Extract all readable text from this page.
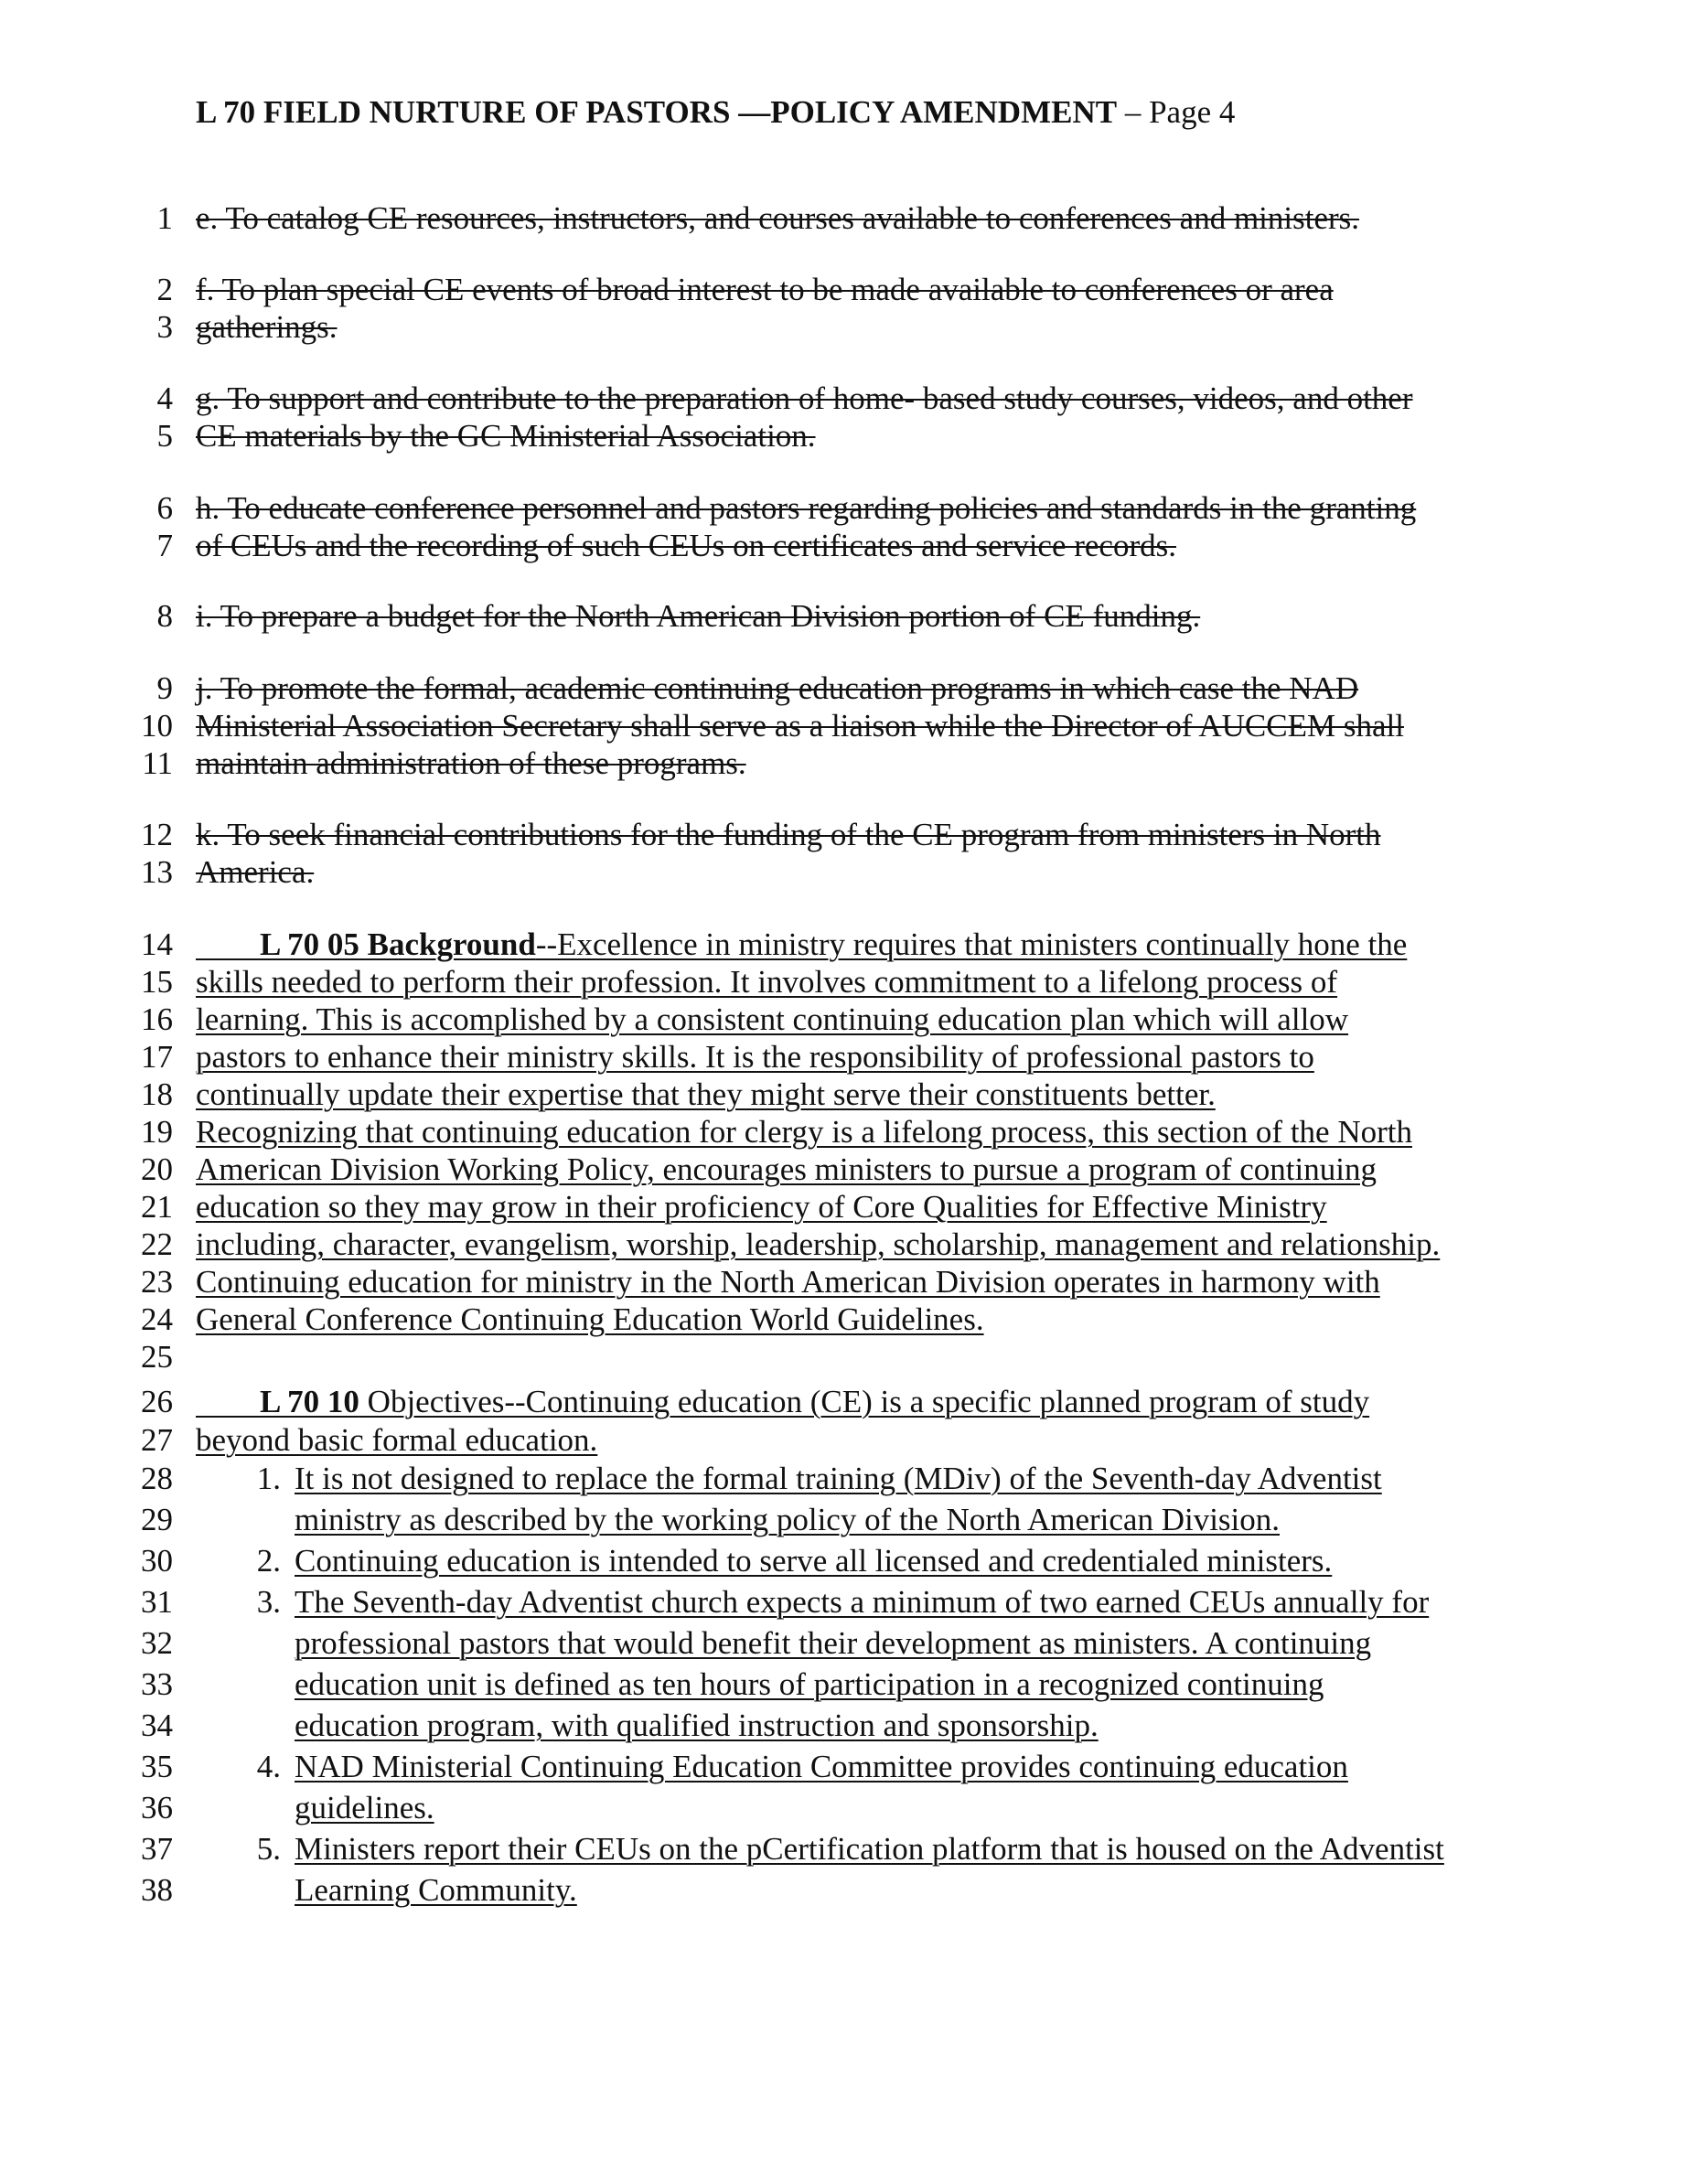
L 70 FIELD NURTURE OF PASTORS —POLICY AMENDMENT – Page 4
1 e. To catalog CE resources, instructors, and courses available to conferences and ministers.
2 f. To plan special CE events of broad interest to be made available to conferences or area
3 gatherings.
4 g. To support and contribute to the preparation of home- based study courses, videos, and other
5 CE materials by the GC Ministerial Association.
6 h. To educate conference personnel and pastors regarding policies and standards in the granting
7 of CEUs and the recording of such CEUs on certificates and service records.
8 i. To prepare a budget for the North American Division portion of CE funding.
9 j. To promote the formal, academic continuing education programs in which case the NAD
10 Ministerial Association Secretary shall serve as a liaison while the Director of AUCCEM shall
11 maintain administration of these programs.
12 k. To seek financial contributions for the funding of the CE program from ministers in North
13 America.
14
  	L 70 05 Background--Excellence in ministry requires that ministers continually hone the
15 skills needed to perform their profession. It involves commitment to a lifelong process of
16 learning. This is accomplished by a consistent continuing education plan which will allow
17 pastors to enhance their ministry skills. It is the responsibility of professional pastors to
18 continually update their expertise that they might serve their constituents better.
19 Recognizing that continuing education for clergy is a lifelong process, this section of the North
20 American Division Working Policy, encourages ministers to pursue a program of continuing
21 education so they may grow in their proficiency of Core Qualities for Effective Ministry
22 including, character, evangelism, worship, leadership, scholarship, management and relationship.
23 Continuing education for ministry in the North American Division operates in harmony with
24 General Conference Continuing Education World Guidelines.
25
26
  	L 70 10 Objectives--Continuing education (CE) is a specific planned program of study
27 beyond basic formal education.
28	1. It is not designed to replace the formal training (MDiv) of the Seventh-day Adventist
29	ministry as described by the working policy of the North American Division.
30	2. Continuing education is intended to serve all licensed and credentialed ministers.
31	3. The Seventh-day Adventist church expects a minimum of two earned CEUs annually for
32	professional pastors that would benefit their development as ministers. A continuing
33	education unit is defined as ten hours of participation in a recognized continuing
34	education program, with qualified instruction and sponsorship.
35	4. NAD Ministerial Continuing Education Committee provides continuing education
36	guidelines.
37	5. Ministers report their CEUs on the pCertification platform that is housed on the Adventist
38	Learning Community.
